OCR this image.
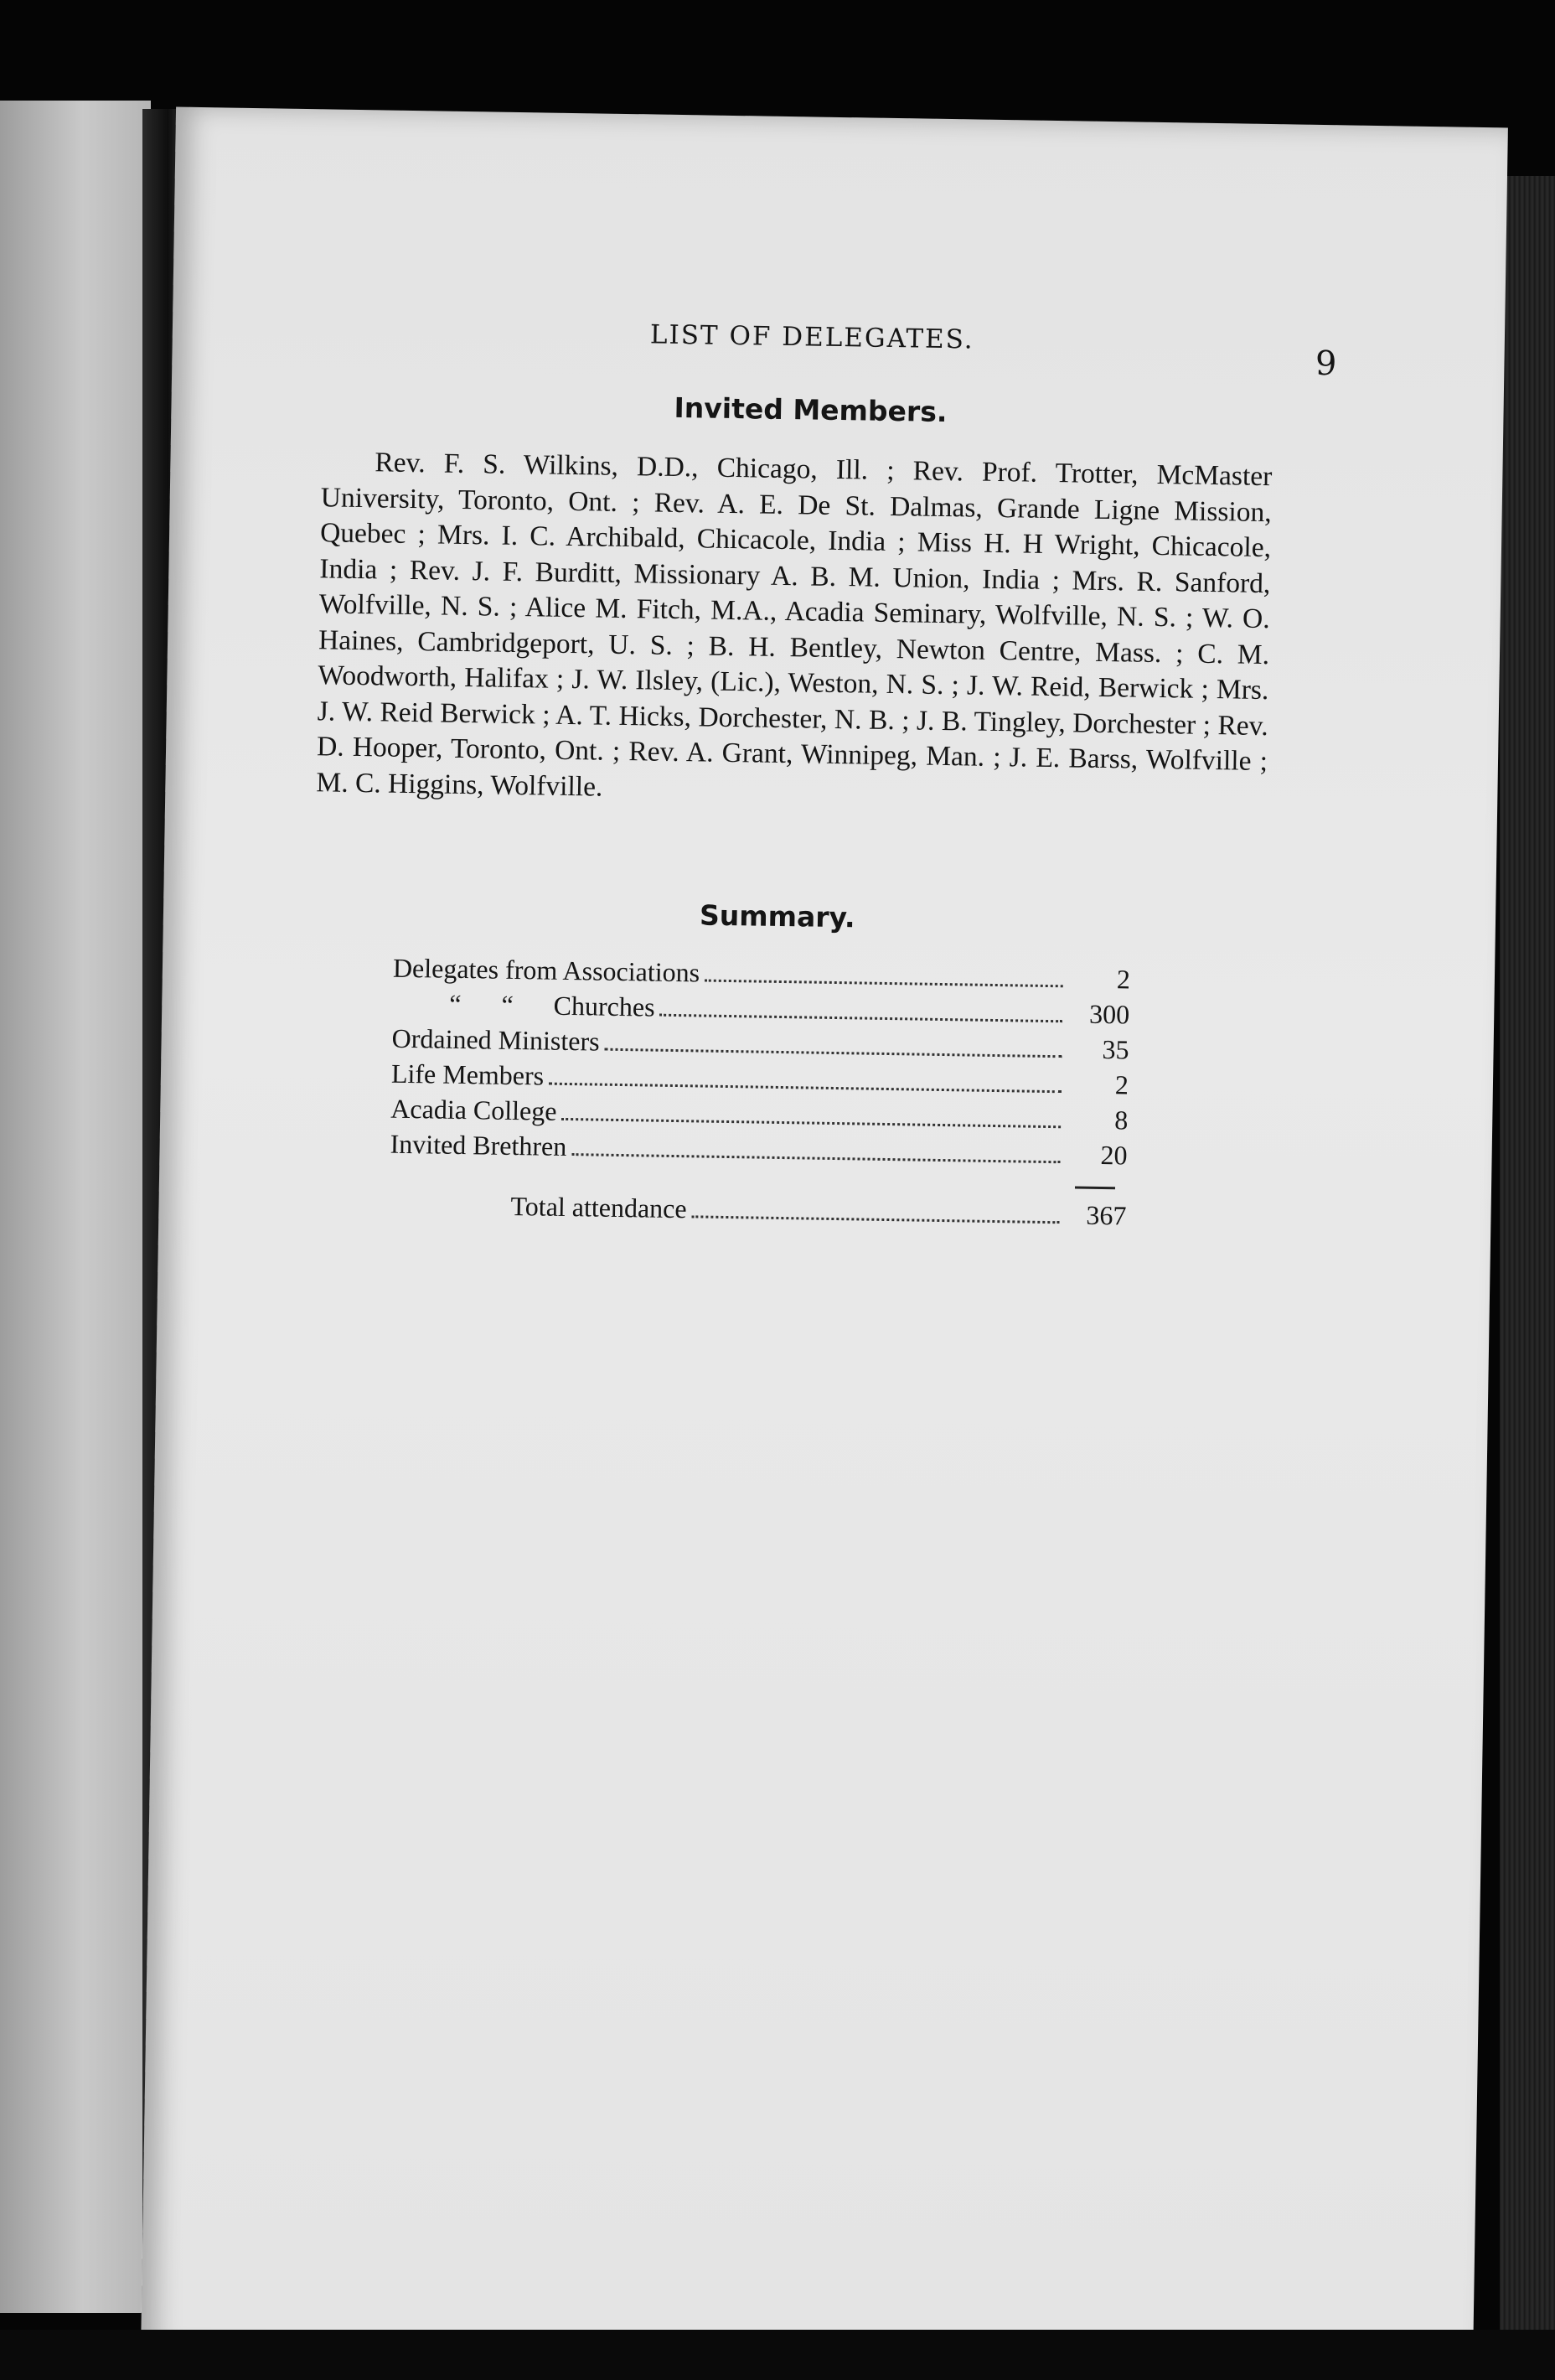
LIST OF DELEGATES.
9
Invited Members.
Rev. F. S. Wilkins, D.D., Chicago, Ill. ; Rev. Prof. Trotter, McMaster University, Toronto, Ont. ; Rev. A. E. De St. Dalmas, Grande Ligne Mission, Quebec ; Mrs. I. C. Archibald, Chicacole, India ; Miss H. H Wright, Chicacole, India ; Rev. J. F. Burditt, Missionary A. B. M. Union, India ; Mrs. R. Sanford, Wolfville, N. S. ; Alice M. Fitch, M.A., Acadia Seminary, Wolfville, N. S. ; W. O. Haines, Cambridgeport, U. S. ; B. H. Bentley, Newton Centre, Mass. ; C. M. Woodworth, Halifax ; J. W. Ilsley, (Lic.), Weston, N. S. ; J. W. Reid, Berwick ; Mrs. J. W. Reid Berwick ; A. T. Hicks, Dorchester, N. B. ; J. B. Tingley, Dorchester ; Rev. D. Hooper, Toronto, Ont. ; Rev. A. Grant, Winnipeg, Man. ; J. E. Barss, Wolfville ; M. C. Higgins, Wolfville.
Summary.
Delegates from Associations	2
“      “      Churches	300
Ordained Ministers	35
Life Members	2
Acadia College	8
Invited Brethren	20
Total attendance	367
